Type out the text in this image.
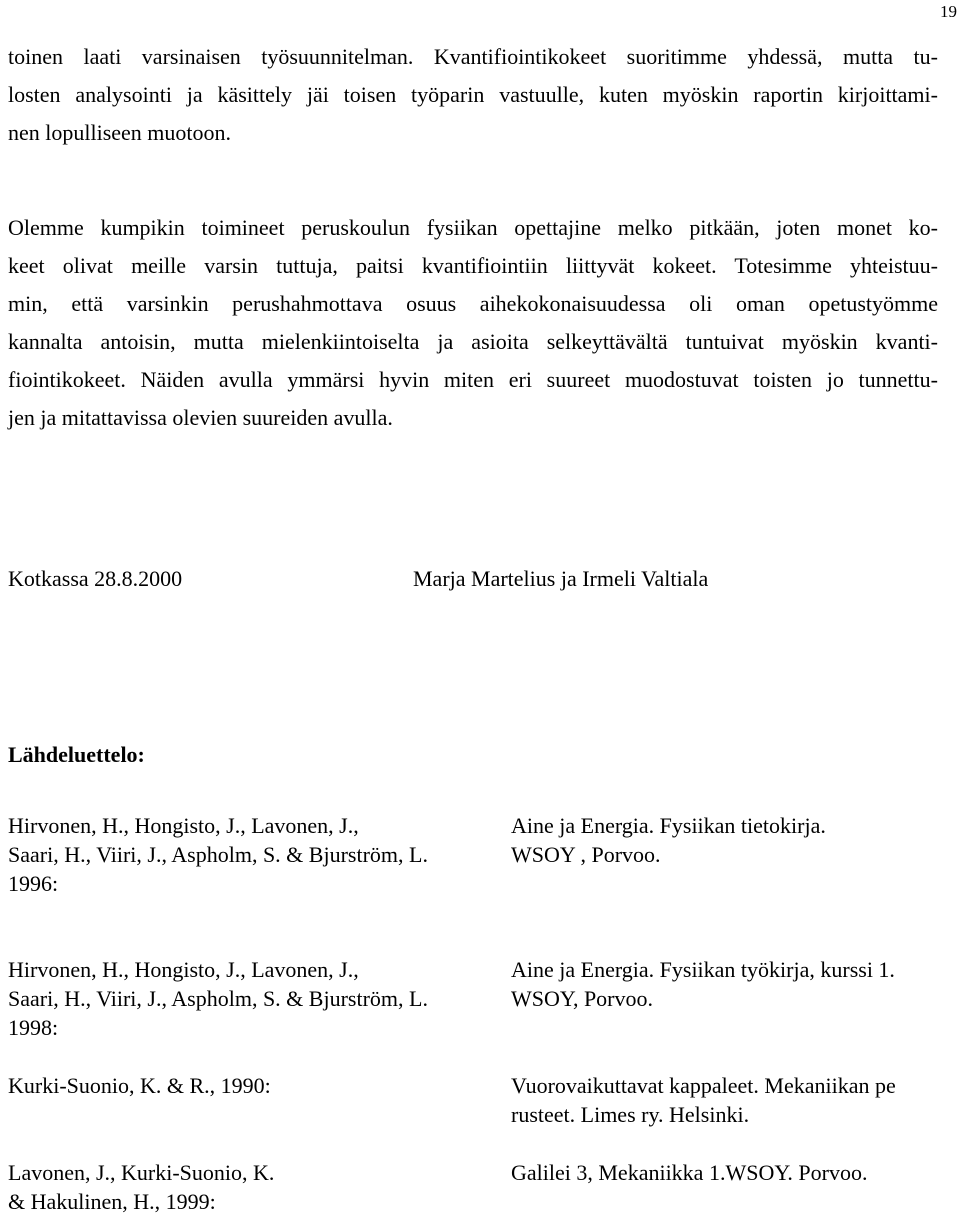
19
toinen laati varsinaisen työsuunnitelman. Kvantifiointikokeet suoritimme yhdessä, mutta tu-
losten analysointi ja käsittely jäi toisen työparin vastuulle, kuten myöskin raportin kirjoittami-
nen lopulliseen muotoon.
Olemme kumpikin toimineet peruskoulun fysiikan opettajine melko pitkään, joten monet ko-
keet olivat meille varsin tuttuja, paitsi kvantifiointiin liittyvät kokeet. Totesimme yhteistuu-
min, että varsinkin perushahmottava osuus aihekokonaisuudessa oli oman opetustyömme
kannalta antoisin, mutta mielenkiintoiselta ja asioita selkeyttävältä tuntuivat myöskin kvanti-
fiointikokeet. Näiden avulla ymmärsi hyvin miten eri suureet muodostuvat toisten jo tunnettu-
jen ja mitattavissa olevien suureiden avulla.
Kotkassa 28.8.2000	Marja Martelius ja Irmeli Valtiala
Lähdeluettelo:
Hirvonen, H., Hongisto, J., Lavonen, J.,
Saari, H., Viiri, J., Aspholm, S. & Bjurström, L.
1996:
Aine ja Energia. Fysiikan tietokirja.
WSOY , Porvoo.
Hirvonen, H., Hongisto, J., Lavonen, J.,
Saari, H., Viiri, J., Aspholm, S. & Bjurström, L.
1998:
Aine ja Energia. Fysiikan työkirja, kurssi 1.
WSOY, Porvoo.
Kurki-Suonio, K. & R., 1990:	Vuorovaikuttavat kappaleet. Mekaniikan pe
rusteet. Limes ry. Helsinki.
Lavonen, J., Kurki-Suonio, K.
& Hakulinen, H., 1999:
Galilei 3, Mekaniikka 1.WSOY. Porvoo.
